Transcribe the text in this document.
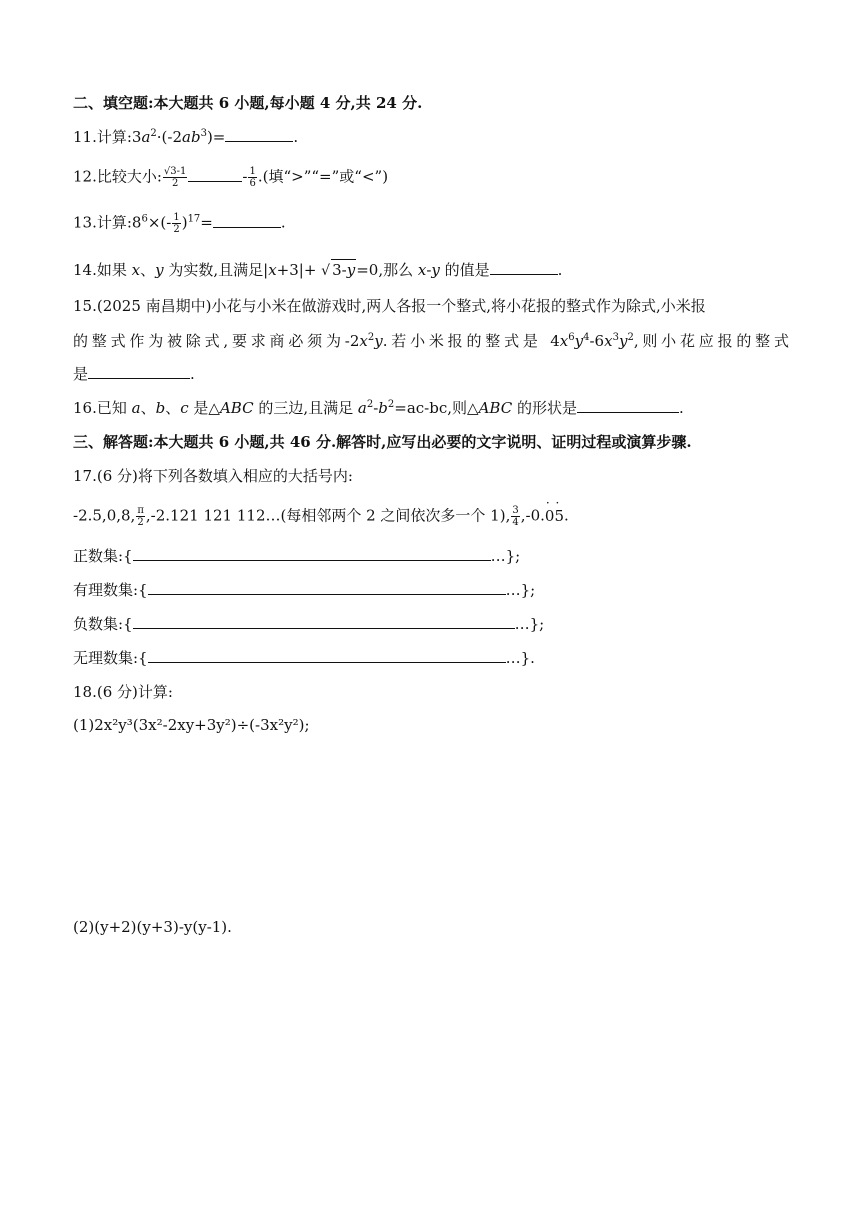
二、填空题:本大题共 6 小题,每小题 4 分,共 24 分.
11.计算$:3a^2\cdot(-2ab^3)=$	.
12.比较大小: $\frac{√3-1}{2}$	- $\frac{1}{6}$ .(填“>”“=”或“<”)
13.计算$:8^6\times(- \frac{1}{2} )^{17}=$	.
14.如果 x、y 为实数,且满足|x+3|+ √ 3-y=0,那么 x-y 的值是	.
15.(2025 南昌期中)小花与小米在做游戏时,两人各报一个整式,将小花报的整式作为除式,小米报
的整式作为被除式,要求商必须为$-2x^2y$.若小米报的整式是 $4x^6y^4-6x^3y^2$,则小花应报的整式
是	.
16.已知 a、b、c 是△ABC 的三边,且满足 $a^2-b^2=ac-bc$,则△ABC 的形状是	.
三、解答题:本大题共 6 小题,共 46 分.解答时,应写出必要的文字说明、证明过程或演算步骤.
17.(6 分)将下列各数填入相应的大括号内:
-2.5,0,8, $\frac{\pi}{2} ,-2.121$ 121 112…(每相邻两个 2 之间依次多一个 1), $\frac{3}{4} ,-0.\cdot 0\cdot 5$.
正数集:{	…};
有理数集:{	…};
负数集:{	…};
无理数集:{	…}.
18.(6 分)计算:
(1)2x²y³(3x²-2xy+3y²)÷(-3x²y²);
(2)(y+2)(y+3)-y(y-1).
